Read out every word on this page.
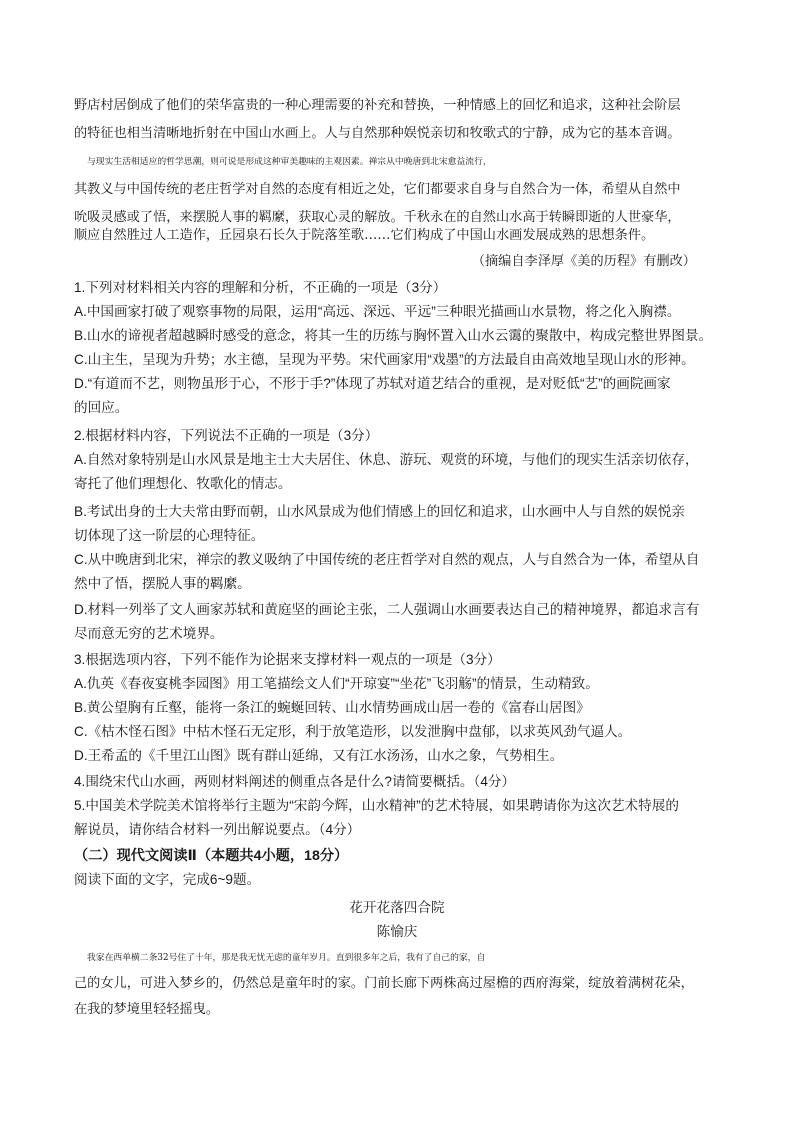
野店村居倒成了他们的荣华富贵的一种心理需要的补充和替换，一种情感上的回忆和追求，这种社会阶层
的特征也相当清晰地折射在中国山水画上。人与自然那种娱悦亲切和牧歌式的宁静，成为它的基本音调。
与现实生活相适应的哲学思潮，则可说是形成这种审美趣味的主观因素。禅宗从中晚唐到北宋愈益流行，
其教义与中国传统的老庄哲学对自然的态度有相近之处，它们都要求自身与自然合为一体，希望从自然中
吮吸灵感或了悟，来摆脱人事的羁縻，获取心灵的解放。千秋永在的自然山水高于转瞬即逝的人世豪华，
顺应自然胜过人工造作，丘园泉石长久于院落笙歌……它们构成了中国山水画发展成熟的思想条件。
（摘编自李泽厚《美的历程》有删改）
1.下列对材料相关内容的理解和分析，不正确的一项是（3分）
A.中国画家打破了观察事物的局限，运用“高远、深远、平远”三种眼光描画山水景物，将之化入胸襟。
B.山水的谛视者超越瞬时感受的意念，将其一生的历练与胸怀置入山水云霭的聚散中，构成完整世界图景。
C.山主生，呈现为升势；水主德，呈现为平势。宋代画家用“戏墨”的方法最自由高效地呈现山水的形神。
D.“有道而不艺，则物虽形于心，不形于手?”体现了苏轼对道艺结合的重视，是对贬低“艺”的画院画家
的回应。
2.根据材料内容，下列说法不正确的一项是（3分）
A.自然对象特别是山水风景是地主士大夫居住、休息、游玩、观赏的环境，与他们的现实生活亲切依存，
寄托了他们理想化、牧歌化的情志。
B.考试出身的士大夫常由野而朝，山水风景成为他们情感上的回忆和追求，山水画中人与自然的娱悦亲
切体现了这一阶层的心理特征。
C.从中晚唐到北宋，禅宗的教义吸纳了中国传统的老庄哲学对自然的观点，人与自然合为一体，希望从自
然中了悟，摆脱人事的羁縻。
D.材料一列举了文人画家苏轼和黄庭坚的画论主张，二人强调山水画要表达自己的精神境界，都追求言有
尽而意无穷的艺术境界。
3.根据选项内容，下列不能作为论据来支撑材料一观点的一项是（3分）
A.仇英《春夜宴桃李园图》用工笔描绘文人们“开琼宴”“坐花”飞羽觞”的情景，生动精致。
B.黄公望胸有丘壑，能将一条江的蜿蜒回转、山水情势画成山居一卷的《富春山居图》
C.《枯木怪石图》中枯木怪石无定形，利于放笔造形，以发泄胸中盘郁，以求英风劲气逼人。
D.王希孟的《千里江山图》既有群山延绵，又有江水汤汤，山水之象，气势相生。
4.围绕宋代山水画，两则材料阐述的侧重点各是什么?请简要概括。（4分）
5.中国美术学院美术馆将举行主题为“宋韵今辉，山水精神”的艺术特展，如果聘请你为这次艺术特展的
解说员，请你结合材料一列出解说要点。（4分）
（二）现代文阅读Ⅱ（本题共4小题，18分）
阅读下面的文字，完成6~9题。
花开花落四合院
陈愉庆
我家在西单横二条32号住了十年，那是我无忧无虑的童年岁月。直到很多年之后，我有了自己的家，自
己的女儿，可进入梦乡的，仍然总是童年时的家。门前长廊下两株高过屋檐的西府海棠，绽放着满树花朵，
在我的梦境里轻轻摇曳。
